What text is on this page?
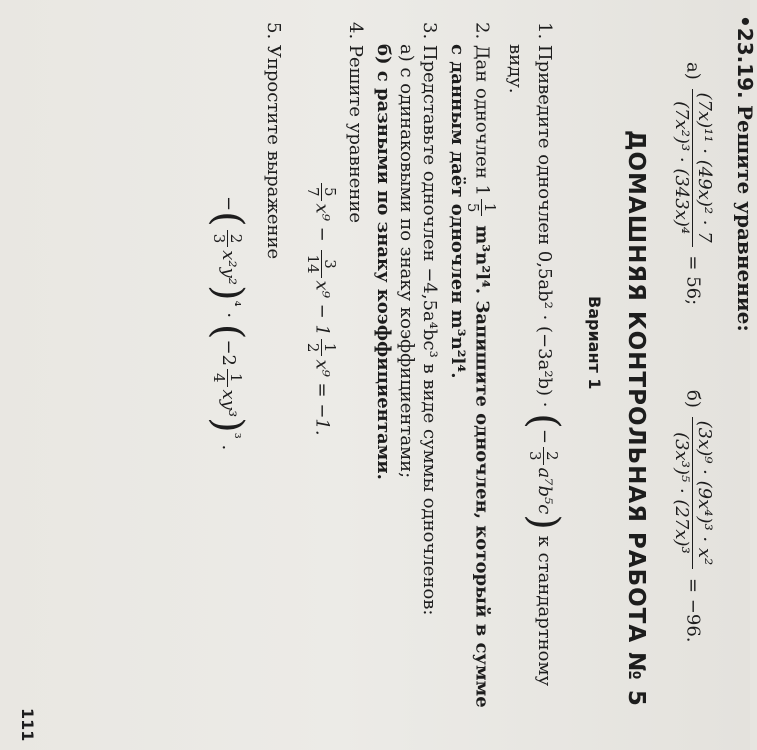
•23.19. Решите уравнение:
а)
(7x)¹¹ · (49x)² · 7
(7x²)³ · (343x)⁴
= 56;
б)
(3x)⁹ · (9x⁴)³ · x²
(3x³)⁵ · (27x)³
= −96.
ДОМАШНЯЯ КОНТРОЛЬНАЯ РАБОТА № 5
Вариант 1
1. Приведите одночлен 0,5ab² · (−3a²b) · (−
2
3
a⁷b⁵c) к стандартному
виду.
2. Дан одночлен 1
1
5
m³n²l⁴. Запишите одночлен, который в сумме
с данным даёт одночлен m³n²l⁴.
3. Представьте одночлен −4,5a⁴bc³ в виде суммы одночленов:
а) с одинаковыми по знаку коэффициентами;
б) с разными по знаку коэффициентами.
4. Решите уравнение
5
7
x⁹ −
3
14
x⁹ − 1
1
2
x⁹ = −1.
5. Упростите выражение
−(
2
3
x²y²)$^{^4}$ · (−2
1
4
xy³)$^{^3}$ .
111
